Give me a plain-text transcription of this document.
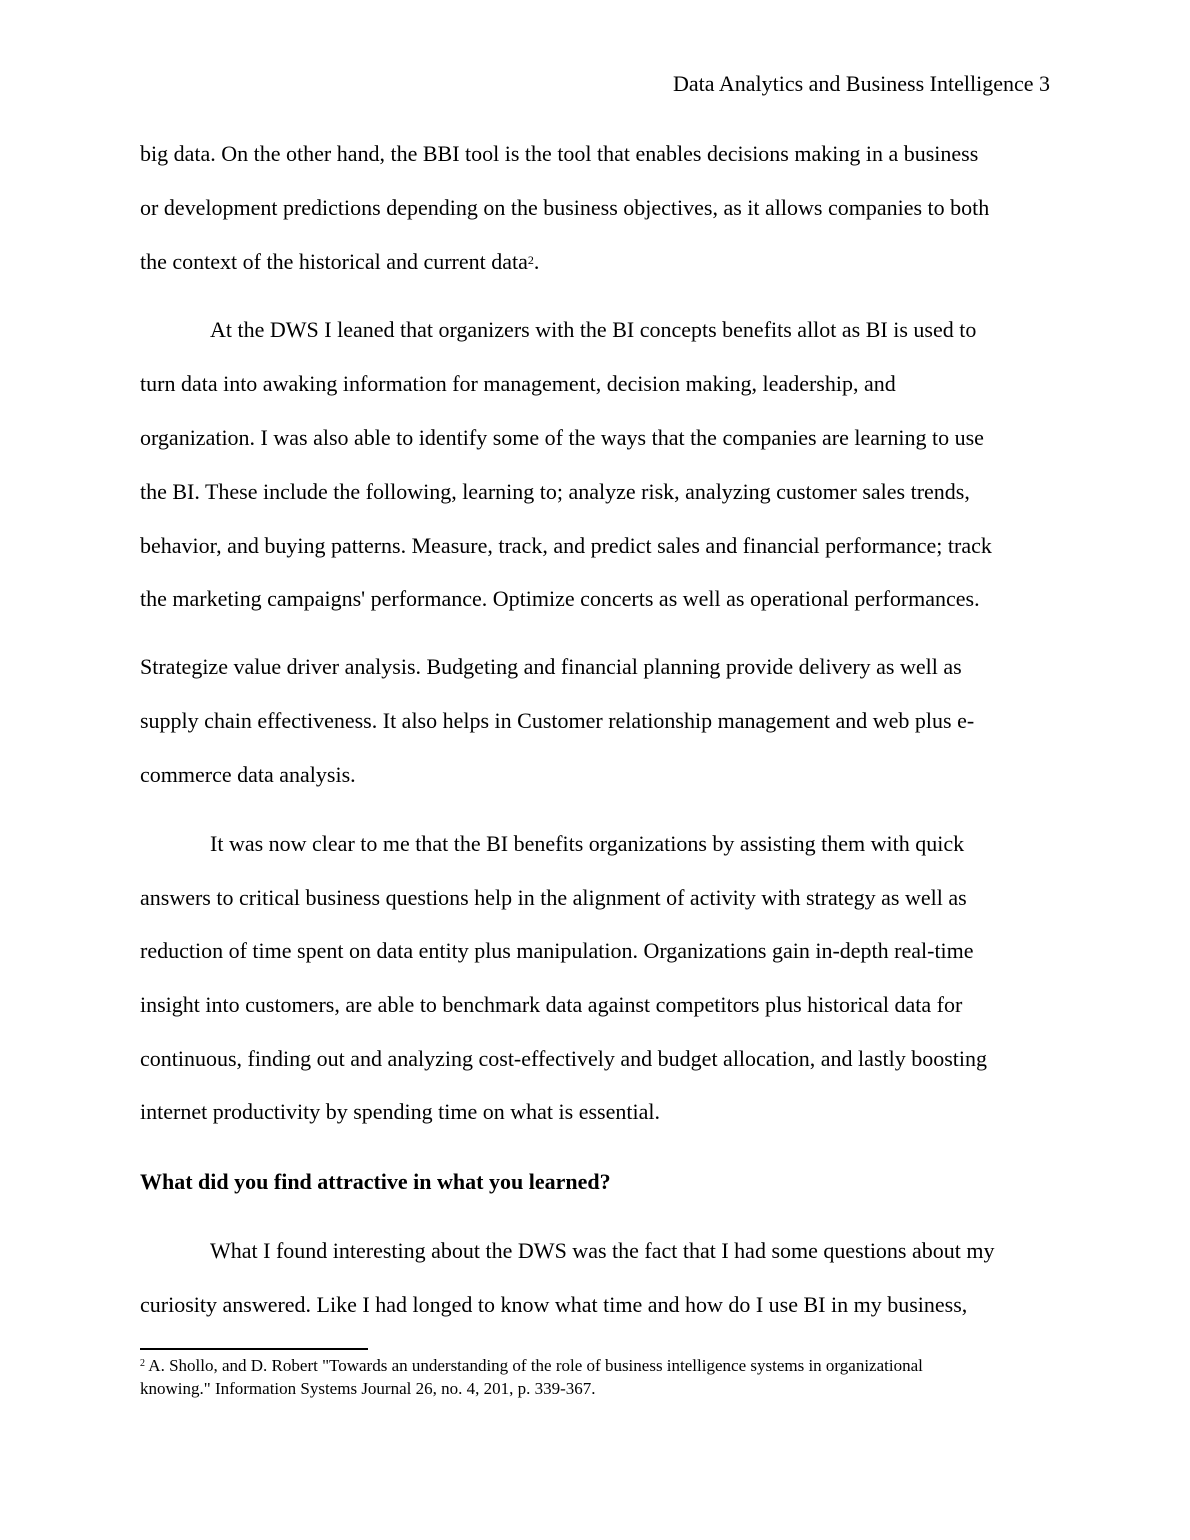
Data Analytics and Business Intelligence 3
big data. On the other hand, the BBI tool is the tool that enables decisions making in a business
or development predictions depending on the business objectives, as it allows companies to both
the context of the historical and current data$^2$.
At the DWS I leaned that organizers with the BI concepts benefits allot as BI is used to
turn data into awaking information for management, decision making, leadership, and
organization. I was also able to identify some of the ways that the companies are learning to use
the BI. These include the following, learning to; analyze risk, analyzing customer sales trends,
behavior, and buying patterns. Measure, track, and predict sales and financial performance; track
the marketing campaigns' performance. Optimize concerts as well as operational performances.
Strategize value driver analysis. Budgeting and financial planning provide delivery as well as
supply chain effectiveness. It also helps in Customer relationship management and web plus e-
commerce data analysis.
It was now clear to me that the BI benefits organizations by assisting them with quick
answers to critical business questions help in the alignment of activity with strategy as well as
reduction of time spent on data entity plus manipulation. Organizations gain in-depth real-time
insight into customers, are able to benchmark data against competitors plus historical data for
continuous, finding out and analyzing cost-effectively and budget allocation, and lastly boosting
internet productivity by spending time on what is essential.
What did you find attractive in what you learned?
What I found interesting about the DWS was the fact that I had some questions about my
curiosity answered. Like I had longed to know what time and how do I use BI in my business,
$^2$ A. Shollo, and D. Robert "Towards an understanding of the role of business intelligence systems in organizational
knowing." Information Systems Journal 26, no. 4, 201, p. 339-367.
